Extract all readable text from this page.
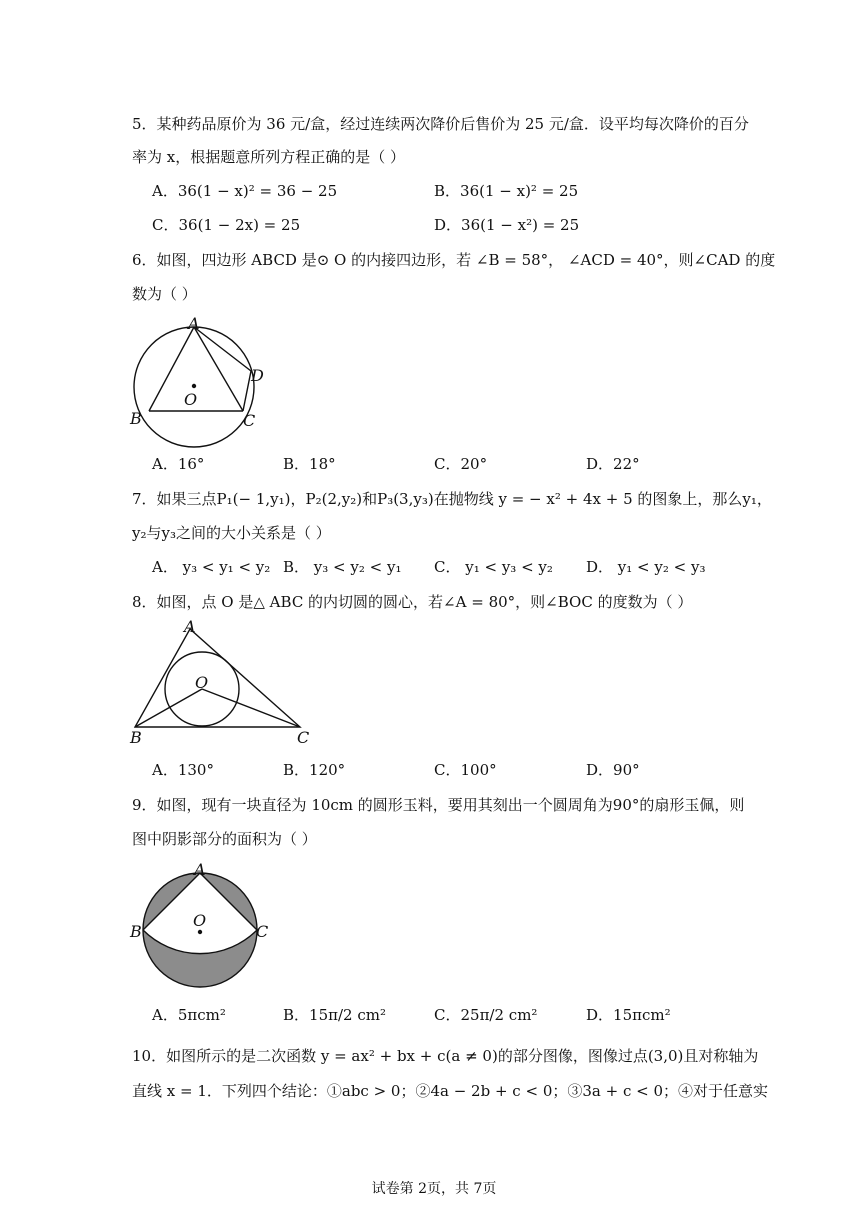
5．某种药品原价为 36 元/盒，经过连续两次降价后售价为 25 元/盒．设平均每次降价的百分
率为 x，根据题意所列方程正确的是（ ）
A．36(1 − x)² = 36 − 25	B．36(1 − x)² = 25
C．36(1 − 2x) = 25	D．36(1 − x²) = 25
6．如图，四边形 ABCD 是⊙ O 的内接四边形，若 ∠B = 58°， ∠ACD = 40°，则∠CAD 的度
数为（ ）
A
B	C
D
O
A．16°	B．18°	C．20°	D．22°
7．如果三点P₁(− 1,y₁)，P₂(2,y₂)和P₃(3,y₃)在抛物线 y = − x² + 4x + 5 的图象上，那么y₁，
y₂与y₃之间的大小关系是（ ）
A． y₃ < y₁ < y₂ B． y₃ < y₂ < y₁ C． y₁ < y₃ < y₂ D． y₁ < y₂ < y₃
8．如图，点 O 是△ ABC 的内切圆的圆心，若∠A = 80°，则∠BOC 的度数为（ ）
A
B	C
O
A．130°	B．120°	C．100°	D．90°
9．如图，现有一块直径为 10cm 的圆形玉料，要用其刻出一个圆周角为90°的扇形玉佩，则
图中阴影部分的面积为（ ）
A
B	C
O
A．5πcm²	B．15π/2 cm²	C．25π/2 cm²	D．15πcm²
10．如图所示的是二次函数 y = ax² + bx + c(a ≠ 0)的部分图像，图像过点(3,0)且对称轴为
直线 x = 1．下列四个结论：①abc > 0；②4a − 2b + c < 0；③3a + c < 0；④对于任意实
试卷第 2页，共 7页
